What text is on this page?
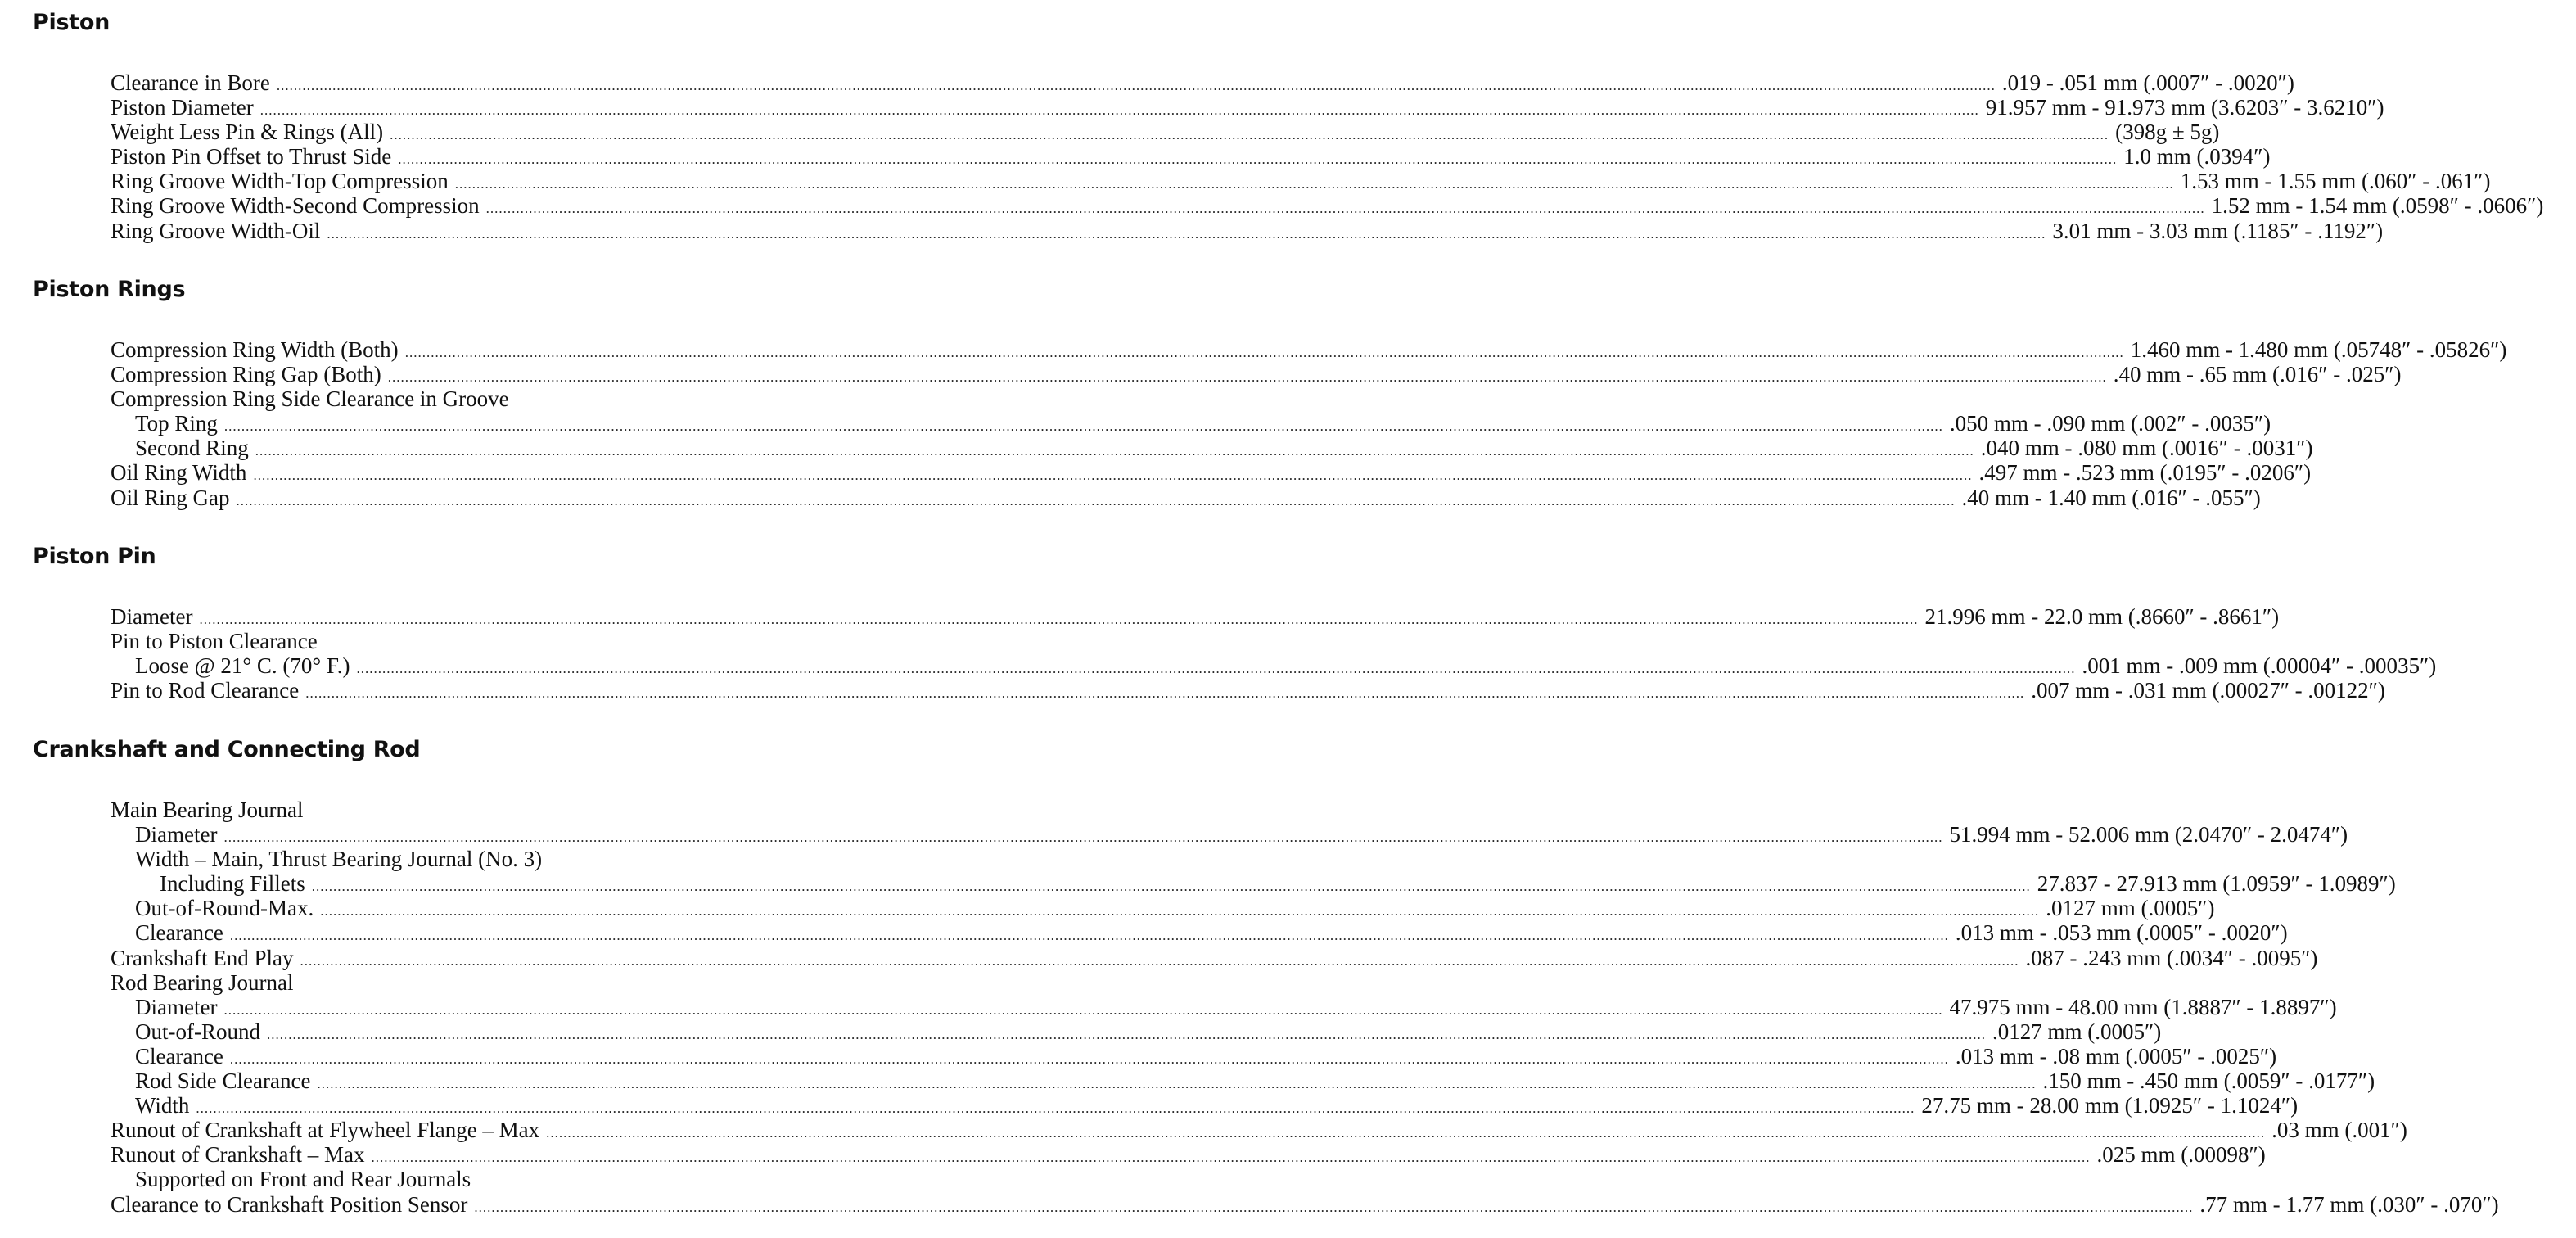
Piston
Clearance in Bore ................................................................................................................................................................................................................................................................................................................................................................................................................ .019 - .051 mm (.0007″ - .0020″)
Piston Diameter ................................................................................................................................................................................................................................................................................................................................................................................................................ 91.957 mm - 91.973 mm (3.6203″ - 3.6210″)
Weight Less Pin & Rings (All) ................................................................................................................................................................................................................................................................................................................................................................................................................ (398g ± 5g)
Piston Pin Offset to Thrust Side ................................................................................................................................................................................................................................................................................................................................................................................................................ 1.0 mm (.0394″)
Ring Groove Width-Top Compression ................................................................................................................................................................................................................................................................................................................................................................................................................ 1.53 mm - 1.55 mm (.060″ - .061″)
Ring Groove Width-Second Compression ................................................................................................................................................................................................................................................................................................................................................................................................................ 1.52 mm - 1.54 mm (.0598″ - .0606″)
Ring Groove Width-Oil ................................................................................................................................................................................................................................................................................................................................................................................................................ 3.01 mm - 3.03 mm (.1185″ - .1192″)
Piston Rings
Compression Ring Width (Both) ................................................................................................................................................................................................................................................................................................................................................................................................................ 1.460 mm - 1.480 mm (.05748″ - .05826″)
Compression Ring Gap (Both) ................................................................................................................................................................................................................................................................................................................................................................................................................ .40 mm - .65 mm (.016″ - .025″)
Compression Ring Side Clearance in Groove
Top Ring ................................................................................................................................................................................................................................................................................................................................................................................................................ .050 mm - .090 mm (.002″ - .0035″)
Second Ring ................................................................................................................................................................................................................................................................................................................................................................................................................ .040 mm - .080 mm (.0016″ - .0031″)
Oil Ring Width ................................................................................................................................................................................................................................................................................................................................................................................................................ .497 mm - .523 mm (.0195″ - .0206″)
Oil Ring Gap ................................................................................................................................................................................................................................................................................................................................................................................................................ .40 mm - 1.40 mm (.016″ - .055″)
Piston Pin
Diameter ................................................................................................................................................................................................................................................................................................................................................................................................................ 21.996 mm - 22.0 mm (.8660″ - .8661″)
Pin to Piston Clearance
Loose @ 21° C. (70° F.) ................................................................................................................................................................................................................................................................................................................................................................................................................ .001 mm - .009 mm (.00004″ - .00035″)
Pin to Rod Clearance ................................................................................................................................................................................................................................................................................................................................................................................................................ .007 mm - .031 mm (.00027″ - .00122″)
Crankshaft and Connecting Rod
Main Bearing Journal
Diameter ................................................................................................................................................................................................................................................................................................................................................................................................................ 51.994 mm - 52.006 mm (2.0470″ - 2.0474″)
Width – Main, Thrust Bearing Journal (No. 3)
Including Fillets ................................................................................................................................................................................................................................................................................................................................................................................................................ 27.837 - 27.913 mm (1.0959″ - 1.0989″)
Out-of-Round-Max. ................................................................................................................................................................................................................................................................................................................................................................................................................ .0127 mm (.0005″)
Clearance ................................................................................................................................................................................................................................................................................................................................................................................................................ .013 mm - .053 mm (.0005″ - .0020″)
Crankshaft End Play ................................................................................................................................................................................................................................................................................................................................................................................................................ .087 - .243 mm (.0034″ - .0095″)
Rod Bearing Journal
Diameter ................................................................................................................................................................................................................................................................................................................................................................................................................ 47.975 mm - 48.00 mm (1.8887″ - 1.8897″)
Out-of-Round ................................................................................................................................................................................................................................................................................................................................................................................................................ .0127 mm (.0005″)
Clearance ................................................................................................................................................................................................................................................................................................................................................................................................................ .013 mm - .08 mm (.0005″ - .0025″)
Rod Side Clearance ................................................................................................................................................................................................................................................................................................................................................................................................................ .150 mm - .450 mm (.0059″ - .0177″)
Width ................................................................................................................................................................................................................................................................................................................................................................................................................ 27.75 mm - 28.00 mm (1.0925″ - 1.1024″)
Runout of Crankshaft at Flywheel Flange – Max ................................................................................................................................................................................................................................................................................................................................................................................................................ .03 mm (.001″)
Runout of Crankshaft – Max ................................................................................................................................................................................................................................................................................................................................................................................................................ .025 mm (.00098″)
Supported on Front and Rear Journals
Clearance to Crankshaft Position Sensor ................................................................................................................................................................................................................................................................................................................................................................................................................ .77 mm - 1.77 mm (.030″ - .070″)
